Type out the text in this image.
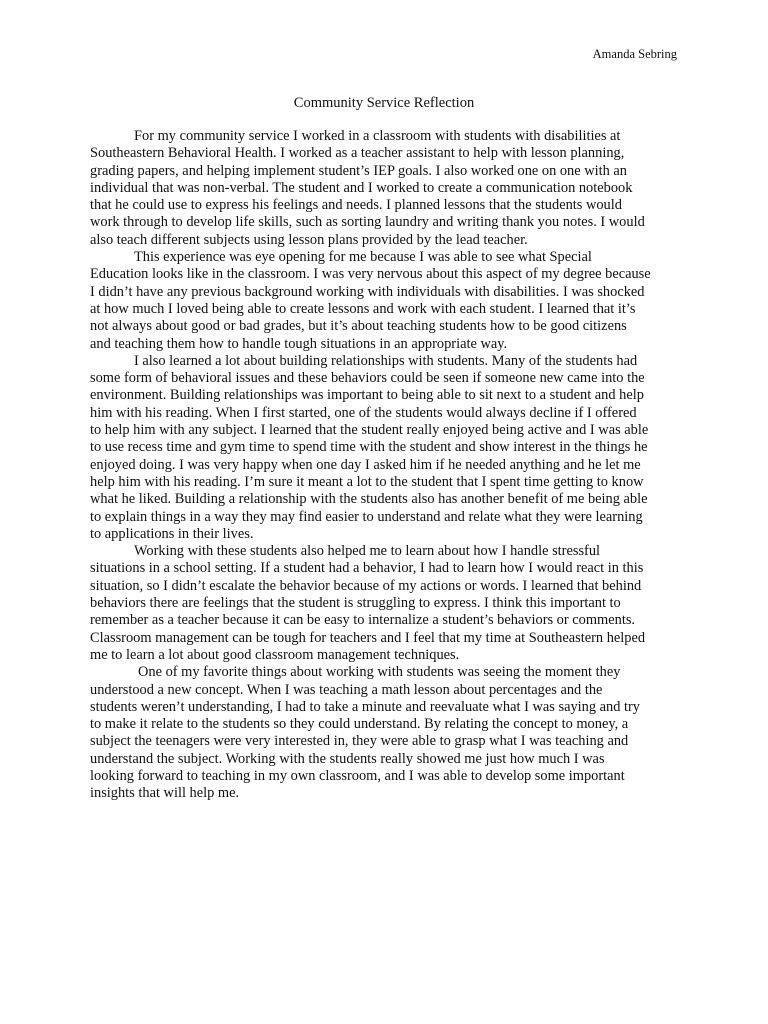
Amanda Sebring
Community Service Reflection
For my community service I worked in a classroom with students with disabilities at
Southeastern Behavioral Health. I worked as a teacher assistant to help with lesson planning,
grading papers, and helping implement student’s IEP goals. I also worked one on one with an
individual that was non-verbal. The student and I worked to create a communication notebook
that he could use to express his feelings and needs. I planned lessons that the students would
work through to develop life skills, such as sorting laundry and writing thank you notes. I would
also teach different subjects using lesson plans provided by the lead teacher.
This experience was eye opening for me because I was able to see what Special
Education looks like in the classroom. I was very nervous about this aspect of my degree because
I didn’t have any previous background working with individuals with disabilities. I was shocked
at how much I loved being able to create lessons and work with each student. I learned that it’s
not always about good or bad grades, but it’s about teaching students how to be good citizens
and teaching them how to handle tough situations in an appropriate way.
I also learned a lot about building relationships with students. Many of the students had
some form of behavioral issues and these behaviors could be seen if someone new came into the
environment. Building relationships was important to being able to sit next to a student and help
him with his reading. When I first started, one of the students would always decline if I offered
to help him with any subject. I learned that the student really enjoyed being active and I was able
to use recess time and gym time to spend time with the student and show interest in the things he
enjoyed doing. I was very happy when one day I asked him if he needed anything and he let me
help him with his reading. I’m sure it meant a lot to the student that I spent time getting to know
what he liked. Building a relationship with the students also has another benefit of me being able
to explain things in a way they may find easier to understand and relate what they were learning
to applications in their lives.
Working with these students also helped me to learn about how I handle stressful
situations in a school setting. If a student had a behavior, I had to learn how I would react in this
situation, so I didn’t escalate the behavior because of my actions or words. I learned that behind
behaviors there are feelings that the student is struggling to express. I think this important to
remember as a teacher because it can be easy to internalize a student’s behaviors or comments.
Classroom management can be tough for teachers and I feel that my time at Southeastern helped
me to learn a lot about good classroom management techniques.
One of my favorite things about working with students was seeing the moment they
understood a new concept. When I was teaching a math lesson about percentages and the
students weren’t understanding, I had to take a minute and reevaluate what I was saying and try
to make it relate to the students so they could understand. By relating the concept to money, a
subject the teenagers were very interested in, they were able to grasp what I was teaching and
understand the subject. Working with the students really showed me just how much I was
looking forward to teaching in my own classroom, and I was able to develop some important
insights that will help me.
